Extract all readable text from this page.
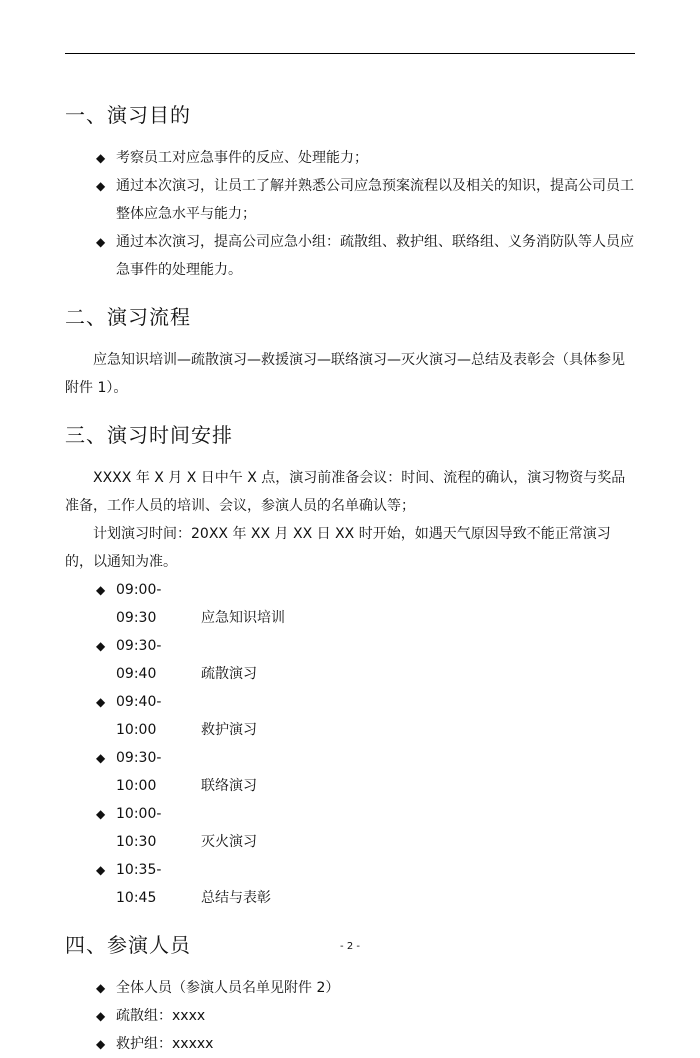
一、演习目的

◆ 考察员工对应急事件的反应、处理能力；

◆ 通过本次演习，让员工了解并熟悉公司应急预案流程以及相关的知识，提高公司员工整体应急水平与能力；

◆ 通过本次演习，提高公司应急小组：疏散组、救护组、联络组、义务消防队等人员应急事件的处理能力。

二、演习流程

应急知识培训—疏散演习—救援演习—联络演习—灭火演习—总结及表彰会（具体参见附件 1）。

三、演习时间安排

XXXX 年 X 月 X 日中午 X 点，演习前准备会议：时间、流程的确认，演习物资与奖品准备，工作人员的培训、会议，参演人员的名单确认等；

计划演习时间：20XX 年 XX 月 XX 日 XX 时开始，如遇天气原因导致不能正常演习的，以通知为准。

◆ 09:00-09:30	应急知识培训

◆ 09:30-09:40	疏散演习

◆ 09:40-10:00	救护演习

◆ 09:30-10:00	联络演习

◆ 10:00-10:30	灭火演习

◆ 10:35-10:45	总结与表彰

四、参演人员

◆ 全体人员（参演人员名单见附件 2）

◆ 疏散组：xxxx

◆ 救护组：xxxxx

- 2 -
